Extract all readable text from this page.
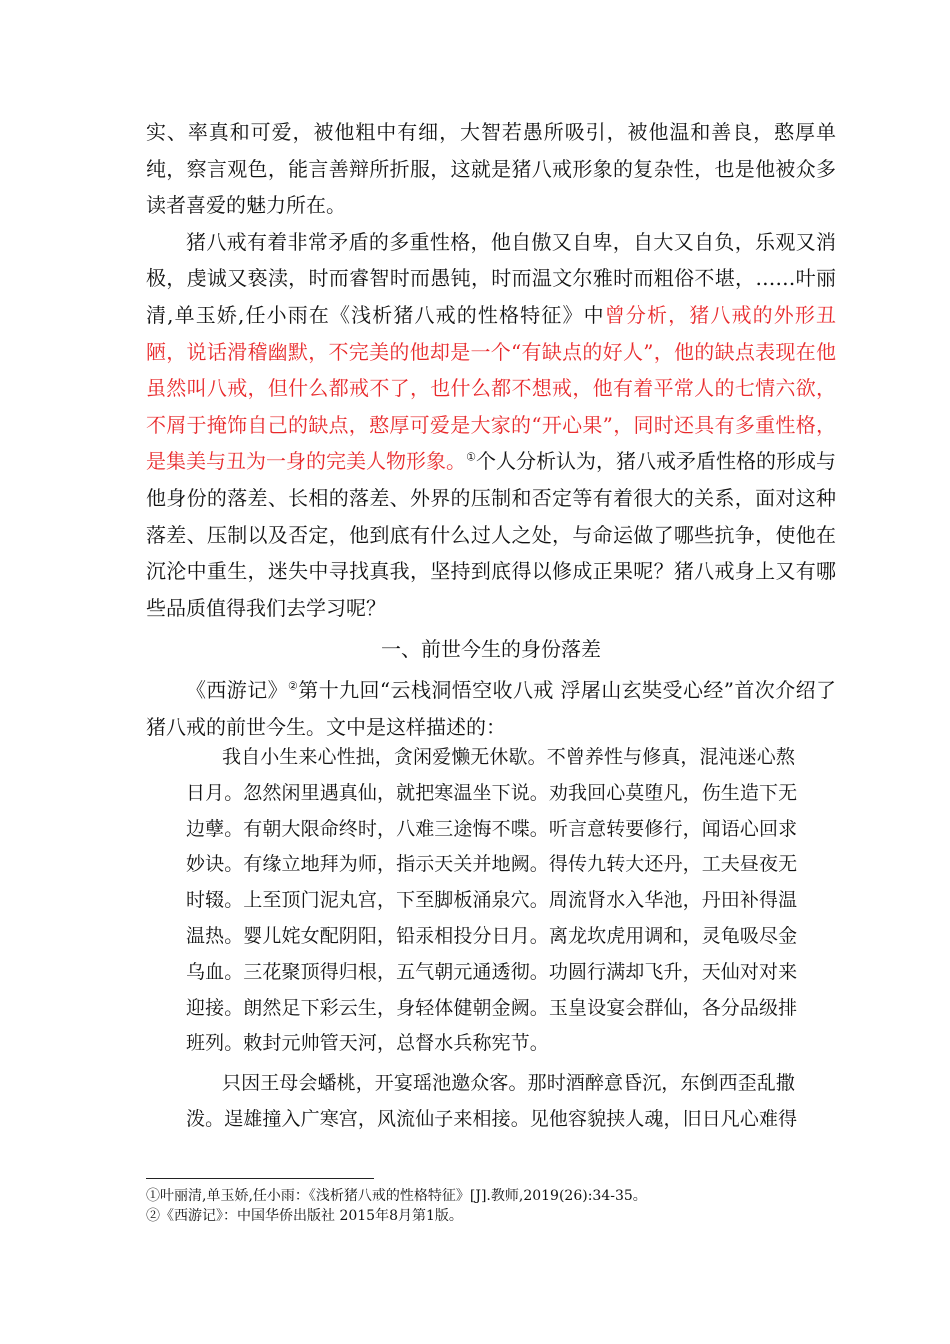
实、率真和可爱，被他粗中有细，大智若愚所吸引，被他温和善良，憨厚单纯，察言观色，能言善辩所折服，这就是猪八戒形象的复杂性，也是他被众多读者喜爱的魅力所在。

猪八戒有着非常矛盾的多重性格，他自傲又自卑，自大又自负，乐观又消极，虔诚又亵渎，时而睿智时而愚钝，时而温文尔雅时而粗俗不堪，……叶丽清,单玉娇,任小雨在《浅析猪八戒的性格特征》中曾分析，猪八戒的外形丑陋，说话滑稽幽默，不完美的他却是一个“有缺点的好人”，他的缺点表现在他虽然叫八戒，但什么都戒不了，也什么都不想戒，他有着平常人的七情六欲，不屑于掩饰自己的缺点，憨厚可爱是大家的“开心果”，同时还具有多重性格，是集美与丑为一身的完美人物形象。①个人分析认为，猪八戒矛盾性格的形成与他身份的落差、长相的落差、外界的压制和否定等有着很大的关系，面对这种落差、压制以及否定，他到底有什么过人之处，与命运做了哪些抗争，使他在沉沦中重生，迷失中寻找真我，坚持到底得以修成正果呢？猪八戒身上又有哪些品质值得我们去学习呢？

一、前世今生的身份落差

《西游记》②第十九回“云栈洞悟空收八戒 浮屠山玄奘受心经”首次介绍了猪八戒的前世今生。文中是这样描述的：

我自小生来心性拙，贪闲爱懒无休歇。不曾养性与修真，混沌迷心熬日月。忽然闲里遇真仙，就把寒温坐下说。劝我回心莫堕凡，伤生造下无边孽。有朝大限命终时，八难三途悔不喋。听言意转要修行，闻语心回求妙诀。有缘立地拜为师，指示天关并地阙。得传九转大还丹，工夫昼夜无时辍。上至顶门泥丸宫，下至脚板涌泉穴。周流肾水入华池，丹田补得温温热。婴儿姹女配阴阳，铅汞相投分日月。离龙坎虎用调和，灵龟吸尽金乌血。三花聚顶得归根，五气朝元通透彻。功圆行满却飞升，天仙对对来迎接。朗然足下彩云生，身轻体健朝金阙。玉皇设宴会群仙，各分品级排班列。敕封元帅管天河，总督水兵称宪节。

只因王母会蟠桃，开宴瑶池邀众客。那时酒醉意昏沉，东倒西歪乱撒泼。逞雄撞入广寒宫，风流仙子来相接。见他容貌挟人魂，旧日凡心难得

①叶丽清,单玉娇,任小雨：《浅析猪八戒的性格特征》[J].教师,2019(26):34-35。

②《西游记》：中国华侨出版社 2015年8月第1版。
